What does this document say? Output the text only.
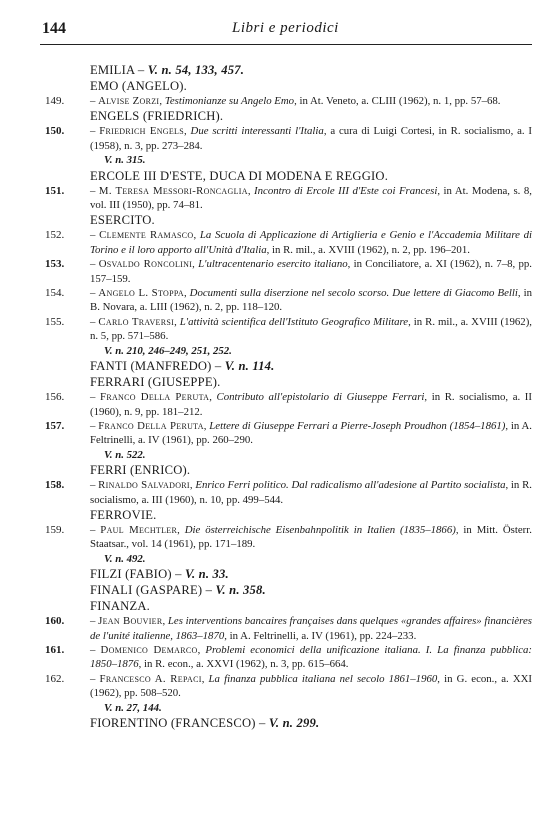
144	Libri e periodici
EMILIA – V. n. 54, 133, 457.
EMO (ANGELO).
149. – Alvise Zorzi, Testimonianze su Angelo Emo, in At. Veneto, a. CLIII (1962), n. 1, pp. 57–68.
ENGELS (FRIEDRICH).
150. – Friedrich Engels, Due scritti interessanti l'Italia, a cura di Luigi Cortesi, in R. socialismo, a. I (1958), n. 3, pp. 273–284.
V. n. 315.
ERCOLE III D'ESTE, DUCA DI MODENA E REGGIO.
151. – M. Teresa Messori-Roncaglia, Incontro di Ercole III d'Este coi Francesi, in At. Modena, s. 8, vol. III (1950), pp. 74–81.
ESERCITO.
152. – Clemente Ramasco, La Scuola di Applicazione di Artiglieria e Genio e l'Accademia Militare di Torino e il loro apporto all'Unità d'Italia, in R. mil., a. XVIII (1962), n. 2, pp. 196–201.
153. – Osvaldo Roncolini, L'ultracentenario esercito italiano, in Conciliatore, a. XI (1962), n. 7–8, pp. 157–159.
154. – Angelo L. Stoppa, Documenti sulla diserzione nel secolo scorso. Due lettere di Giacomo Belli, in B. Novara, a. LIII (1962), n. 2, pp. 118–120.
155. – Carlo Traversi, L'attività scientifica dell'Istituto Geografico Militare, in R. mil., a. XVIII (1962), n. 5, pp. 571–586.
V. n. 210, 246–249, 251, 252.
FANTI (MANFREDO) – V. n. 114.
FERRARI (GIUSEPPE).
156. – Franco Della Peruta, Contributo all'epistolario di Giuseppe Ferrari, in R. socialismo, a. II (1960), n. 9, pp. 181–212.
157. – Franco Della Peruta, Lettere di Giuseppe Ferrari a Pierre-Joseph Proudhon (1854–1861), in A. Feltrinelli, a. IV (1961), pp. 260–290.
V. n. 522.
FERRI (ENRICO).
158. – Rinaldo Salvadori, Enrico Ferri politico. Dal radicalismo all'adesione al Partito socialista, in R. socialismo, a. III (1960), n. 10, pp. 499–544.
FERROVIE.
159. – Paul Mechtler, Die österreichische Eisenbahnpolitik in Italien (1835–1866), in Mitt. Österr. Staatsar., vol. 14 (1961), pp. 171–189.
V. n. 492.
FILZI (FABIO) – V. n. 33.
FINALI (GASPARE) – V. n. 358.
FINANZA.
160. – Jean Bouvier, Les interventions bancaires françaises dans quelques «grandes affaires» financières de l'unité italienne, 1863–1870, in A. Feltrinelli, a. IV (1961), pp. 224–233.
161. – Domenico Demarco, Problemi economici della unificazione italiana. I. La finanza pubblica: 1850–1876, in R. econ., a. XXVI (1962), n. 3, pp. 615–664.
162. – Francesco A. Repaci, La finanza pubblica italiana nel secolo 1861–1960, in G. econ., a. XXI (1962), pp. 508–520.
V. n. 27, 144.
FIORENTINO (FRANCESCO) – V. n. 299.
